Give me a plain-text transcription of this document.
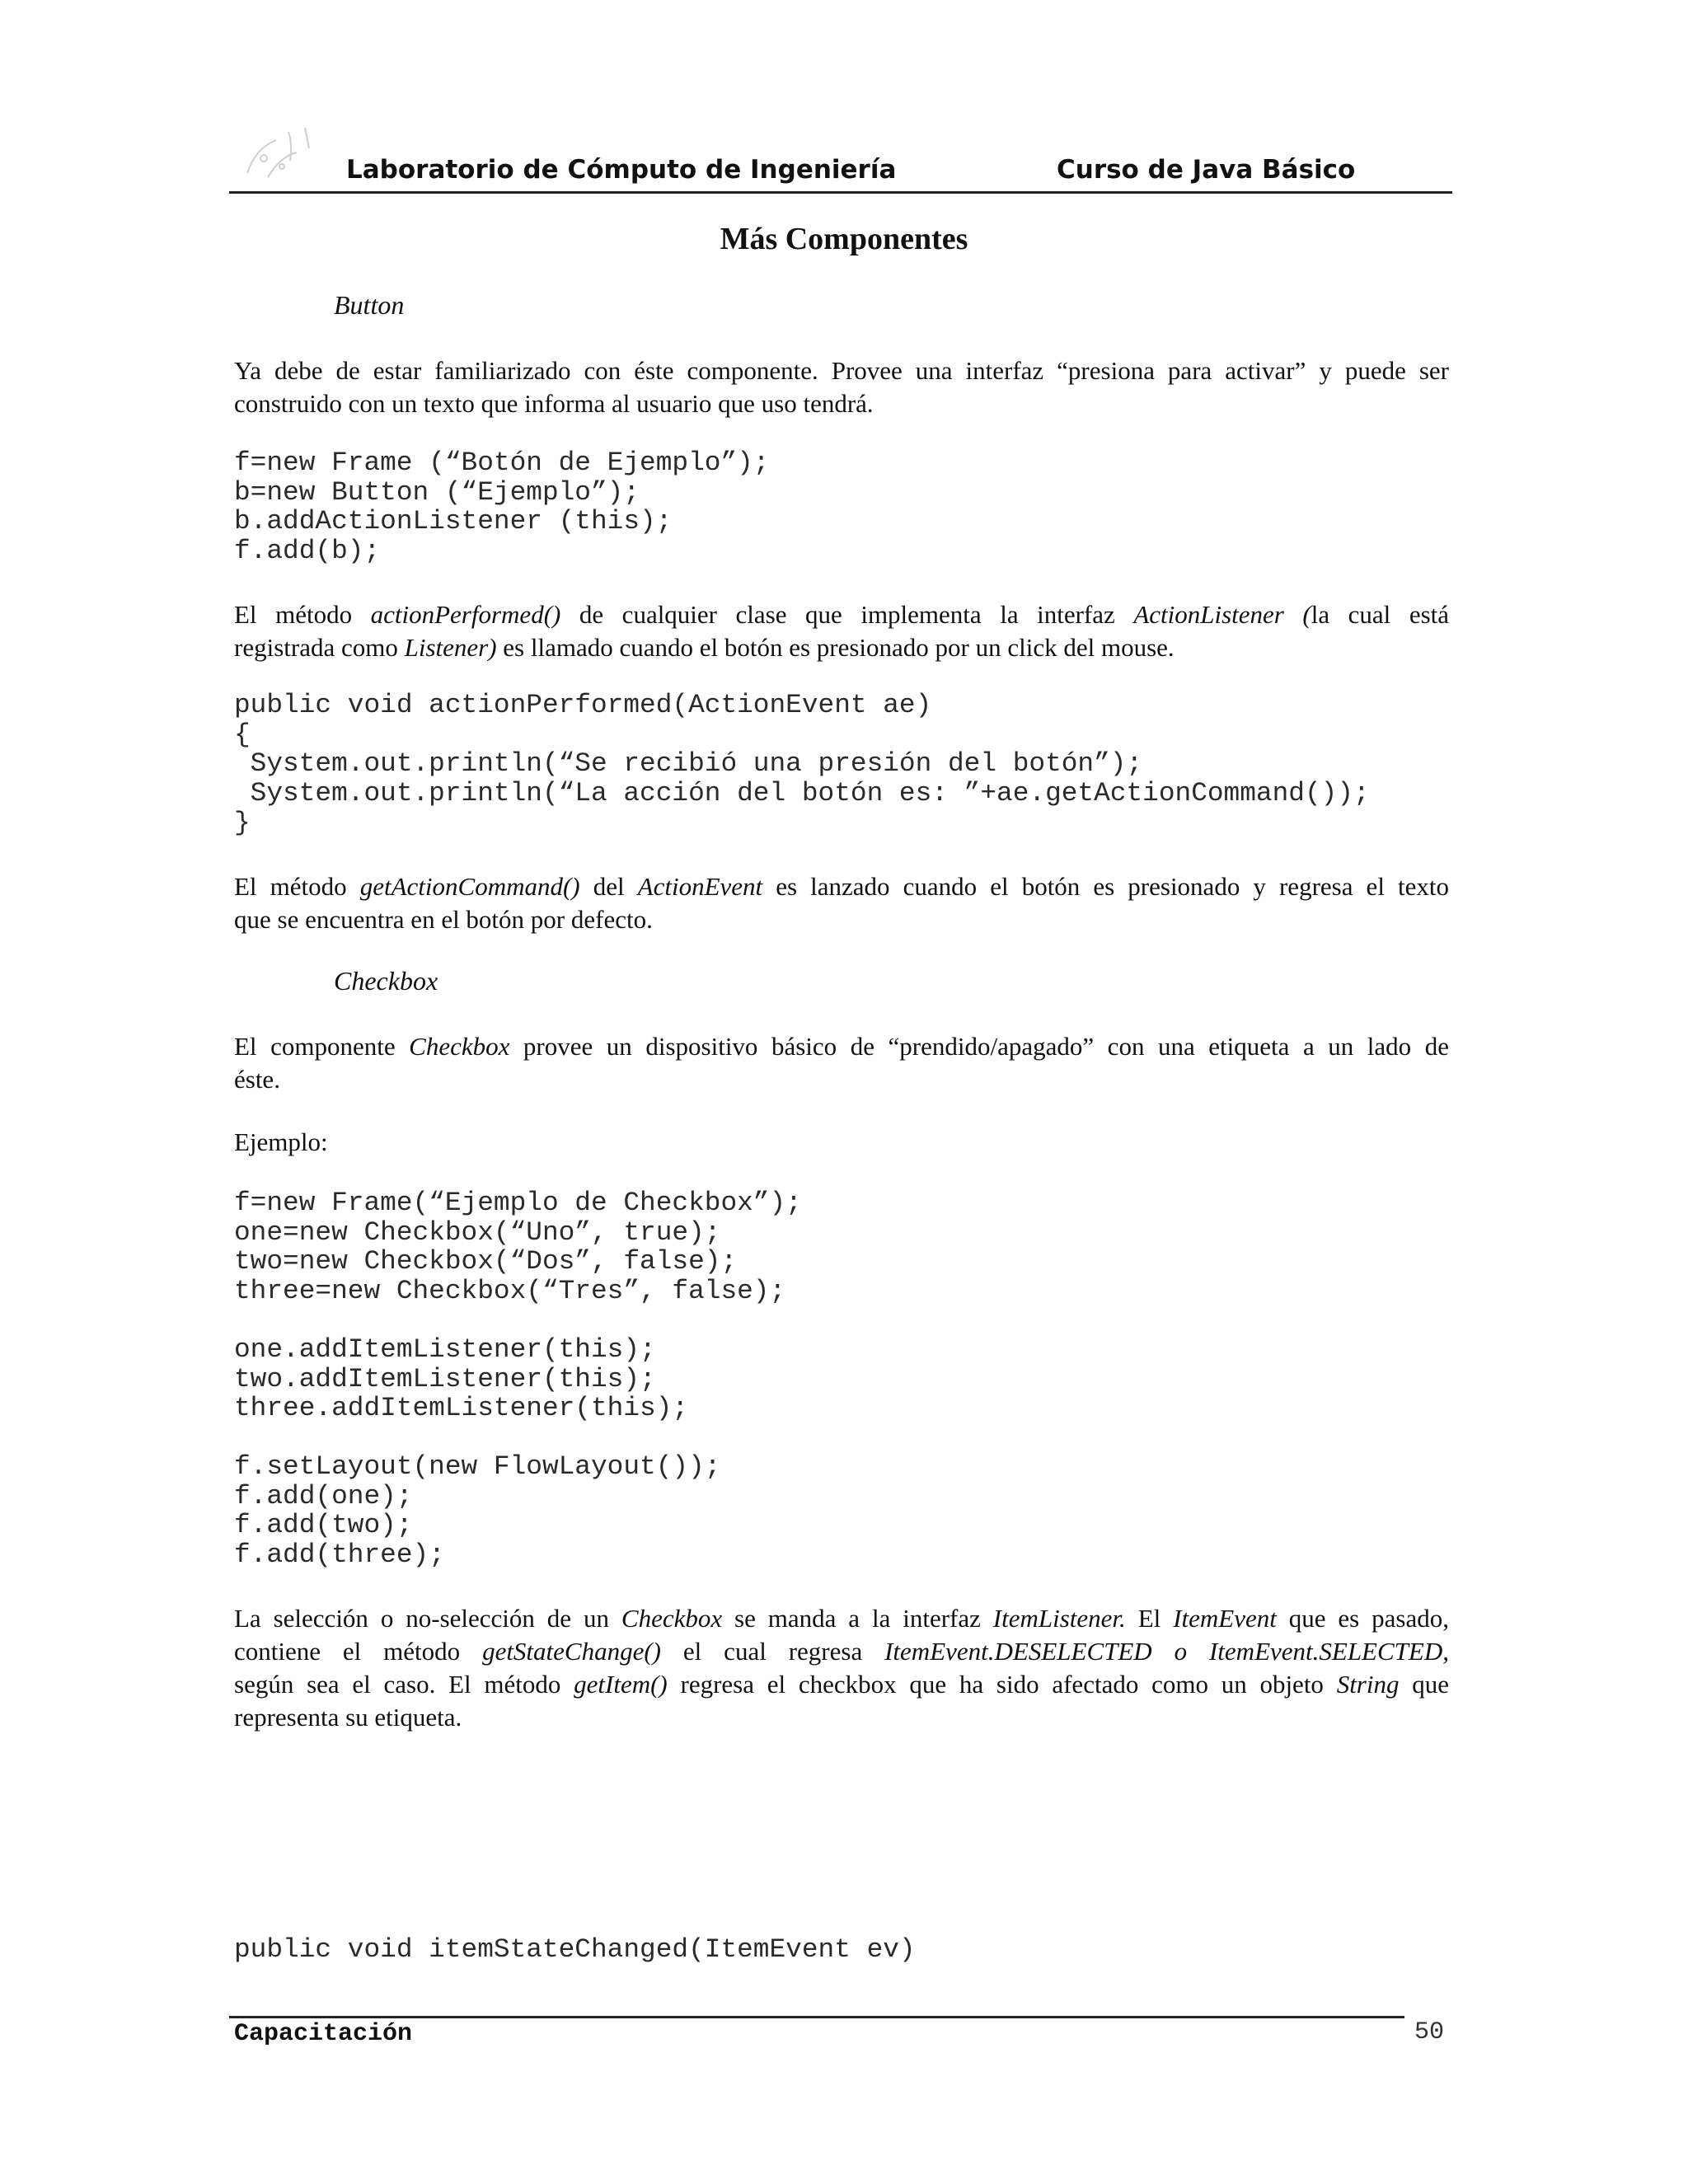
Laboratorio de Cómputo de Ingeniería	Curso de Java Básico
Más Componentes
Button

Ya debe de estar familiarizado con éste componente. Provee una interfaz “presiona para activar” y puede ser
construido con un texto que informa al usuario que uso tendrá.

f=new Frame (“Botón de Ejemplo”);
b=new Button (“Ejemplo”);
b.addActionListener (this);
f.add(b);

El método actionPerformed() de cualquier clase que implementa la interfaz ActionListener (la cual está
registrada como Listener) es llamado cuando el botón es presionado por un click del mouse.

public void actionPerformed(ActionEvent ae)
{
System.out.println(“Se recibió una presión del botón”);
System.out.println(“La acción del botón es: ”+ae.getActionCommand());
}

El método getActionCommand() del ActionEvent es lanzado cuando el botón es presionado y regresa el texto
que se encuentra en el botón por defecto.

Checkbox

El componente Checkbox provee un dispositivo básico de “prendido/apagado” con una etiqueta a un lado de
éste.

Ejemplo:

f=new Frame(“Ejemplo de Checkbox”);
one=new Checkbox(“Uno”, true);
two=new Checkbox(“Dos”, false);
three=new Checkbox(“Tres”, false);
one.addItemListener(this);
two.addItemListener(this);
three.addItemListener(this);
f.setLayout(new FlowLayout());
f.add(one);
f.add(two);
f.add(three);

La selección o no-selección de un Checkbox se manda a la interfaz ItemListener. El ItemEvent que es pasado,
contiene el método getStateChange() el cual regresa ItemEvent.DESELECTED o ItemEvent.SELECTED,
según sea el caso. El método getItem() regresa el checkbox que ha sido afectado como un objeto String que
representa su etiqueta.

public void itemStateChanged(ItemEvent ev)
Capacitación	50
